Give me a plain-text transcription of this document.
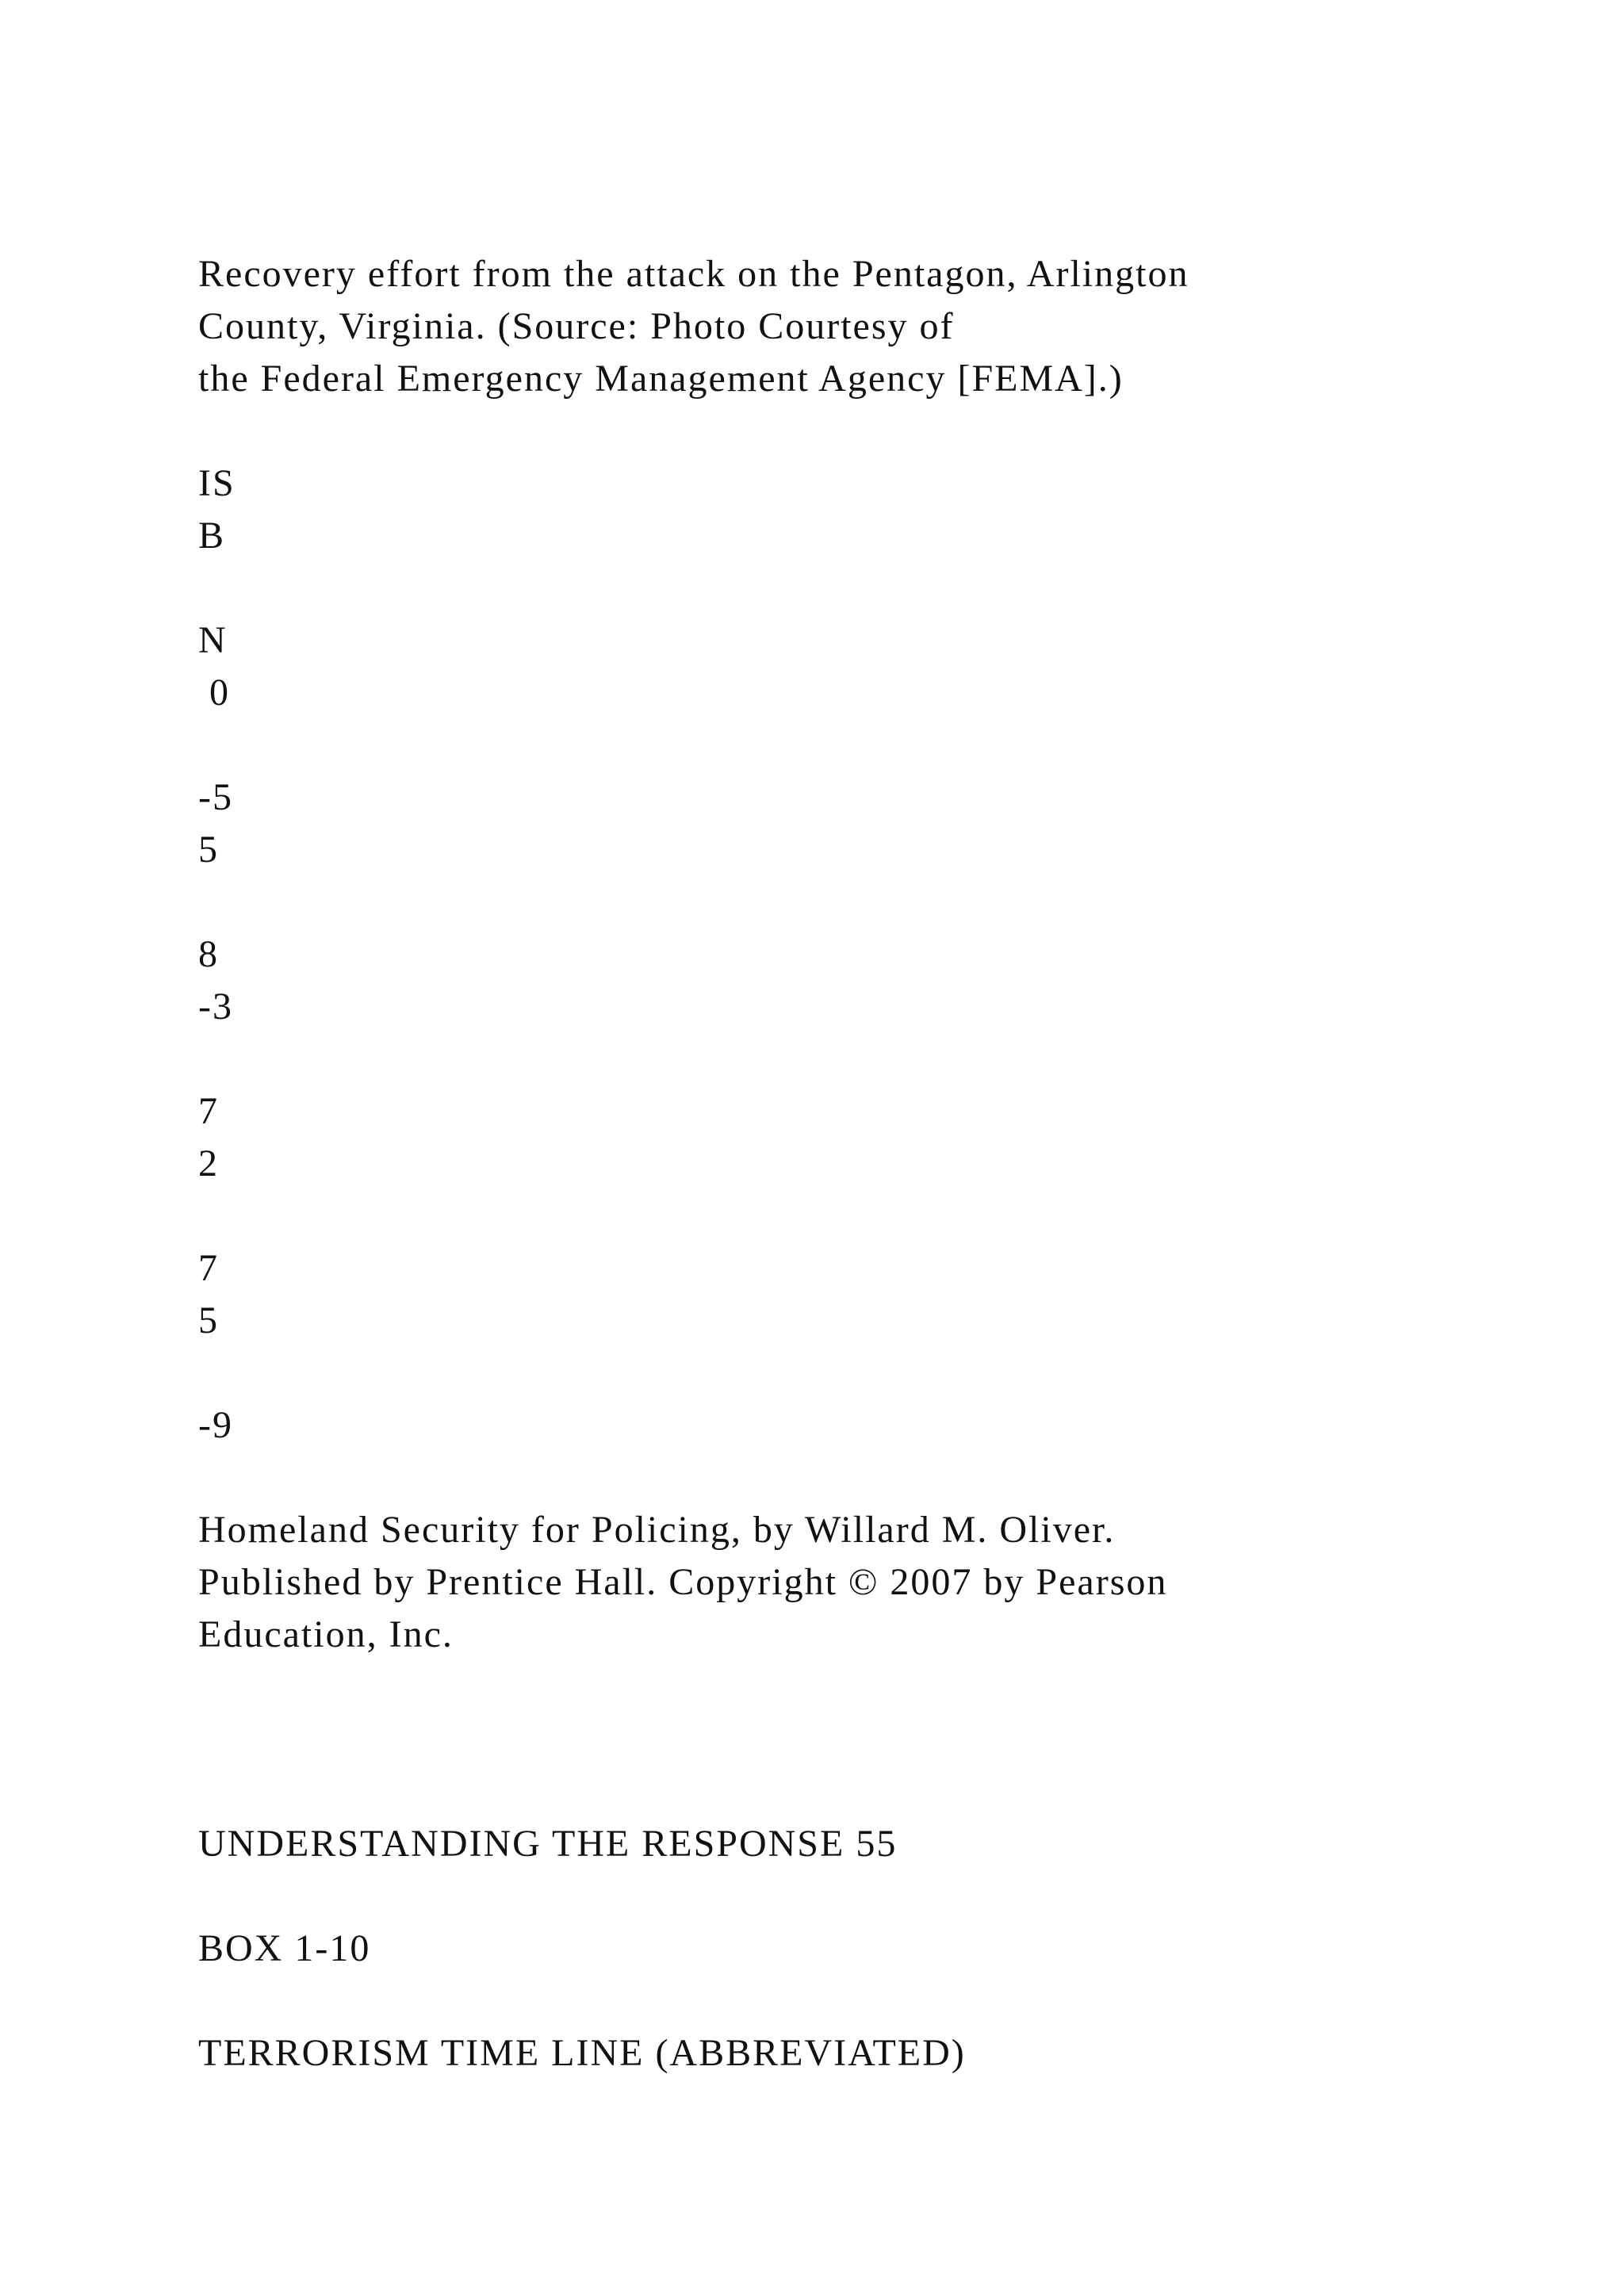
Recovery effort from the attack on the Pentagon, Arlington
County, Virginia. (Source: Photo Courtesy of
the Federal Emergency Management Agency [FEMA].)
IS
B
N
0
-5
5
8
-3
7
2
7
5
-9
Homeland Security for Policing, by Willard M. Oliver.
Published by Prentice Hall. Copyright © 2007 by Pearson
Education, Inc.
UNDERSTANDING THE RESPONSE 55
BOX 1-10
TERRORISM TIME LINE (ABBREVIATED)
